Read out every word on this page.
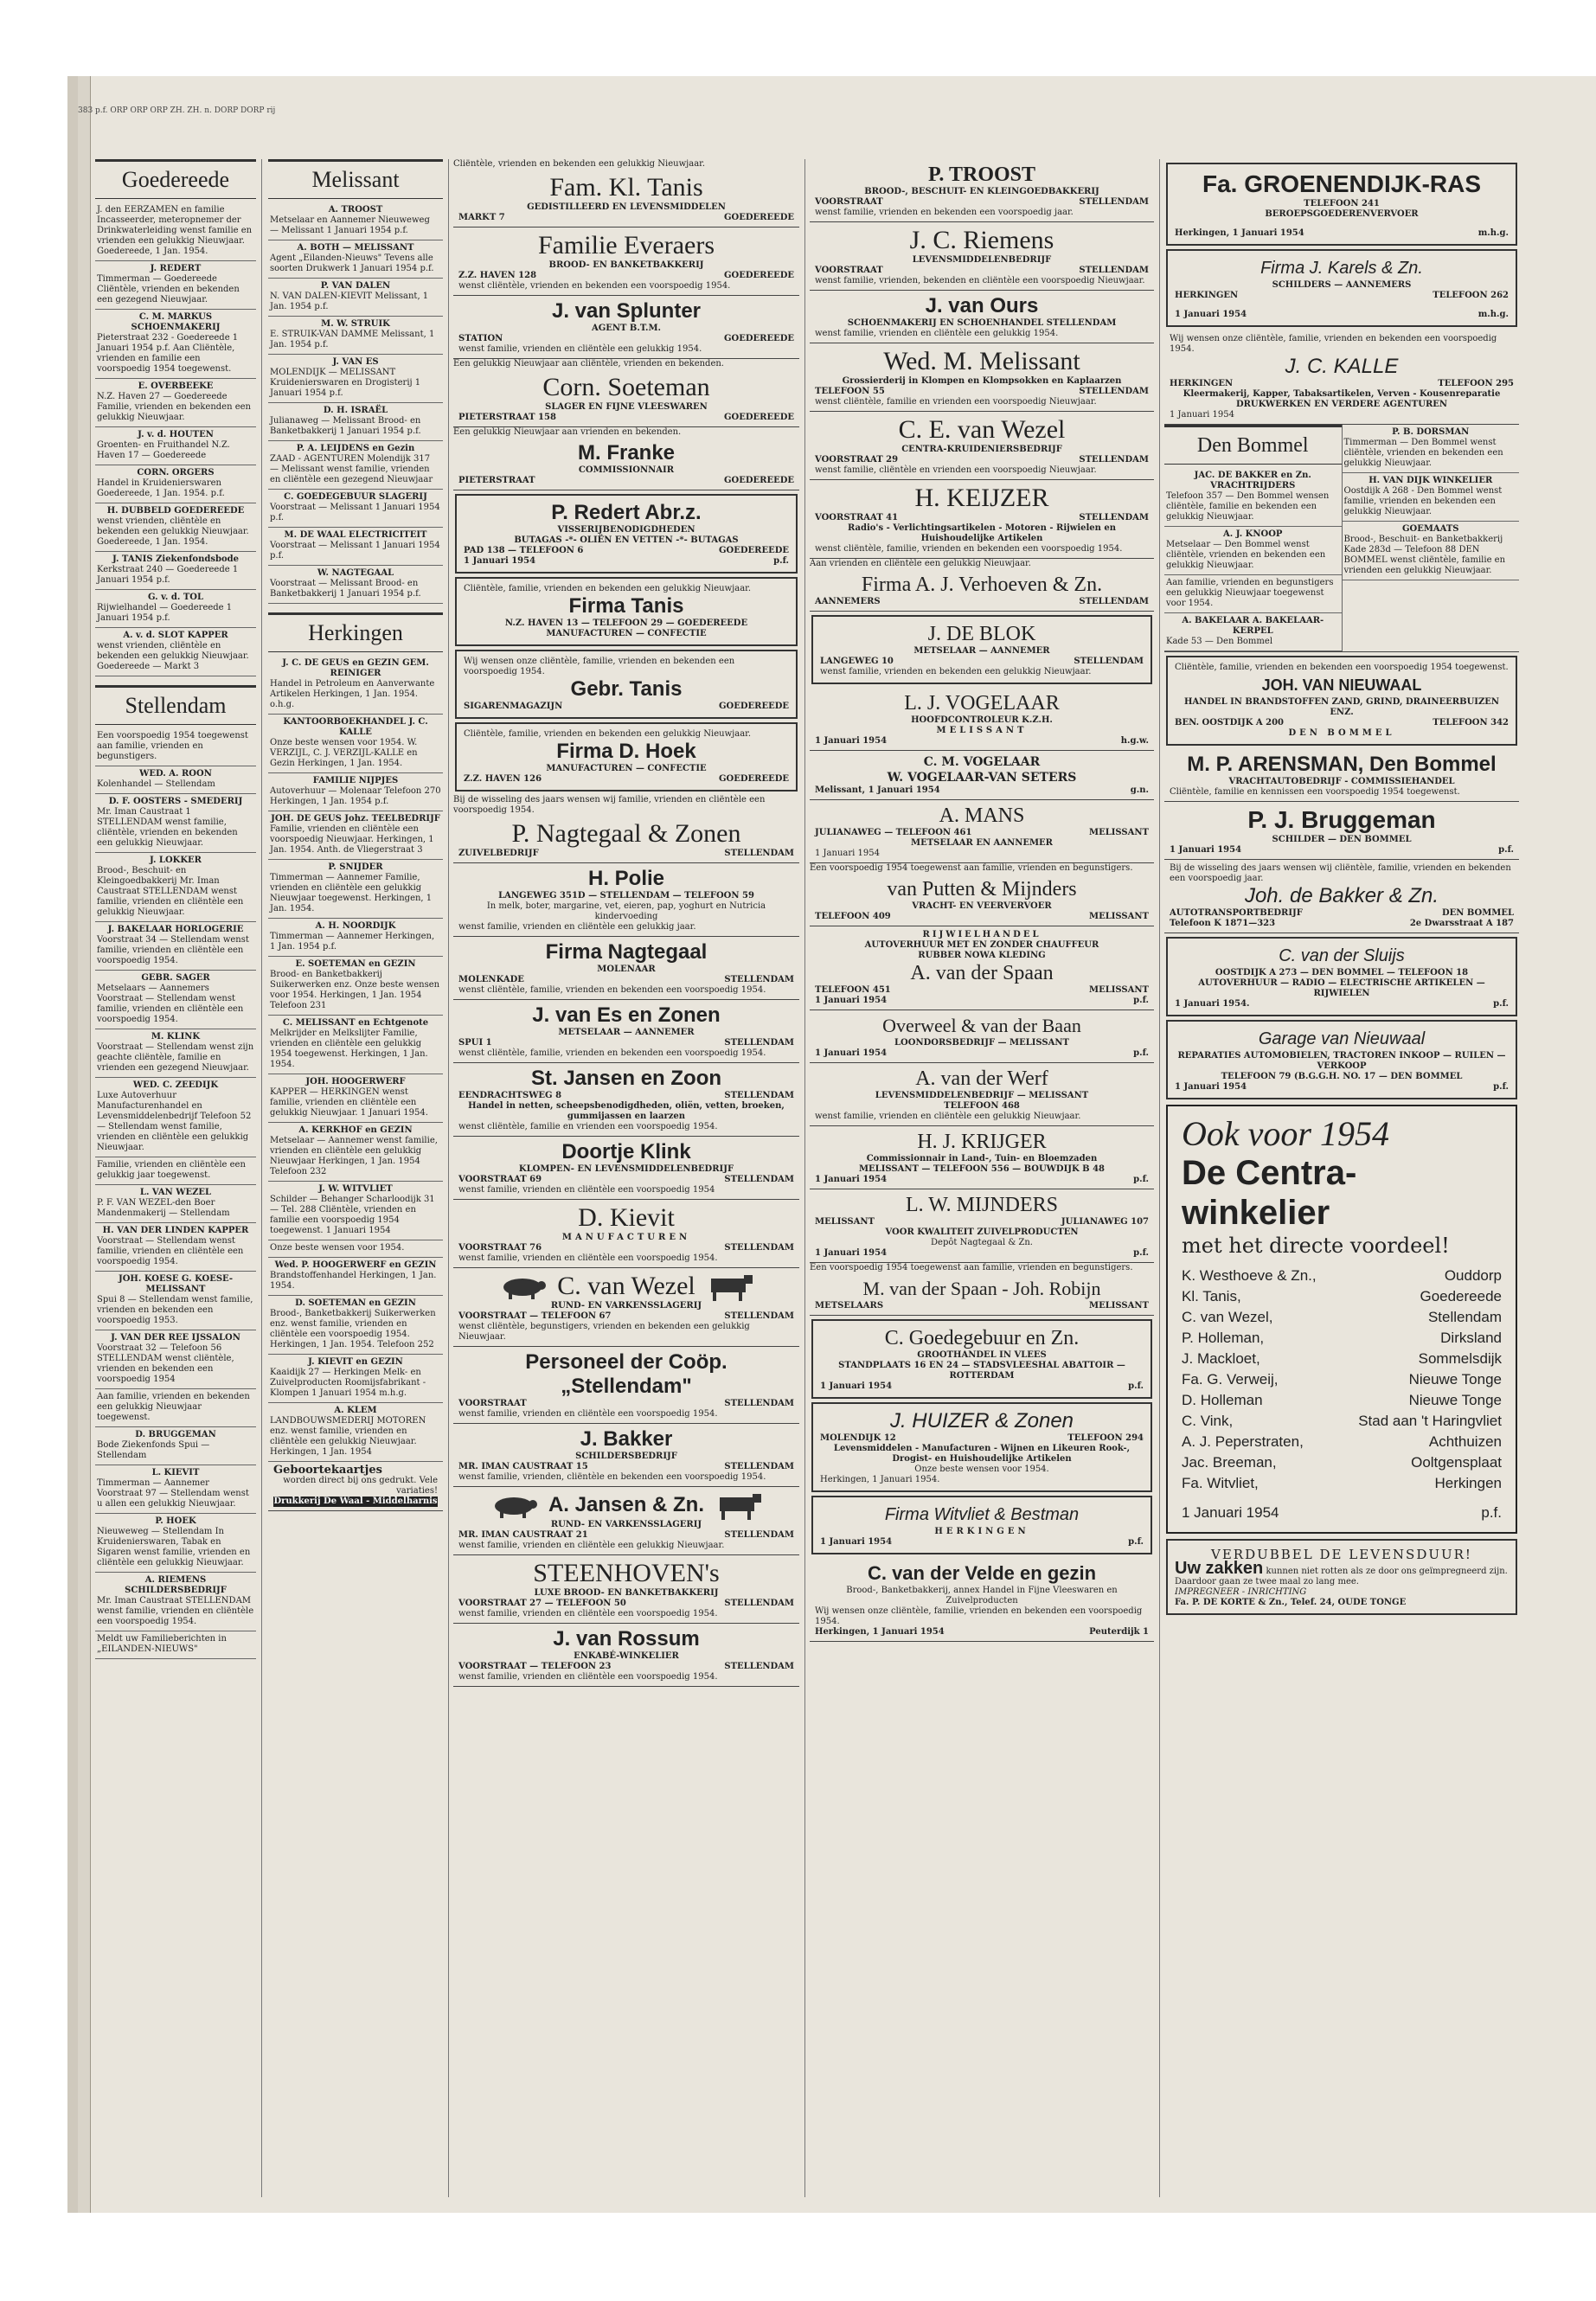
383 p.f. ORP ORP ORP ZH. ZH. n. DORP DORP rij
Goedereede
J. den EERZAMEN en familie Incasseerder, meteropnemer der Drinkwaterleiding wenst familie en vrienden een gelukkig Nieuwjaar. Goedereede, 1 Jan. 1954.
J. REDERT
Timmerman — Goedereede Cliëntèle, vrienden en bekenden een gezegend Nieuwjaar.
C. M. MARKUS SCHOENMAKERIJ
Pieterstraat 232 - Goedereede 1 Januari 1954 p.f. Aan Cliëntèle, vrienden en familie een voorspoedig 1954 toegewenst.
E. OVERBEEKE
N.Z. Haven 27 — Goedereede Familie, vrienden en bekenden een gelukkig Nieuwjaar.
J. v. d. HOUTEN
Groenten- en Fruithandel N.Z. Haven 17 — Goedereede
CORN. ORGERS
Handel in Kruidenierswaren Goedereede, 1 Jan. 1954. p.f.
H. DUBBELD GOEDEREEDE
wenst vrienden, cliëntèle en bekenden een gelukkig Nieuwjaar. Goedereede, 1 Jan. 1954.
J. TANIS Ziekenfondsbode
Kerkstraat 240 — Goedereede 1 Januari 1954 p.f.
G. v. d. TOL
Rijwielhandel — Goedereede 1 Januari 1954 p.f.
A. v. d. SLOT KAPPER
wenst vrienden, cliëntèle en bekenden een gelukkig Nieuwjaar. Goedereede — Markt 3
Stellendam
Een voorspoedig 1954 toegewenst aan familie, vrienden en begunstigers.
WED. A. ROON
Kolenhandel — Stellendam
D. F. OOSTERS - SMEDERIJ
Mr. Iman Caustraat 1 STELLENDAM wenst familie, cliëntèle, vrienden en bekenden een gelukkig Nieuwjaar.
J. LOKKER
Brood-, Beschuit- en Kleingoedbakkerij Mr. Iman Caustraat STELLENDAM wenst familie, vrienden en cliëntèle een gelukkig Nieuwjaar.
J. BAKELAAR HORLOGERIE
Voorstraat 34 — Stellendam wenst familie, vrienden en cliëntèle een voorspoedig 1954.
GEBR. SAGER
Metselaars — Aannemers Voorstraat — Stellendam wenst familie, vrienden en cliëntèle een voorspoedig 1954.
M. KLINK
Voorstraat — Stellendam wenst zijn geachte cliëntèle, familie en vrienden een gezegend Nieuwjaar.
WED. C. ZEEDIJK
Luxe Autoverhuur Manufacturenhandel en Levensmiddelenbedrijf Telefoon 52 — Stellendam wenst familie, vrienden en cliëntèle een gelukkig Nieuwjaar.
Familie, vrienden en cliëntèle een gelukkig jaar toegewenst.
L. VAN WEZEL
P. F. VAN WEZEL-den Boer Mandenmakerij — Stellendam
H. VAN DER LINDEN KAPPER
Voorstraat — Stellendam wenst familie, vrienden en cliëntèle een voorspoedig 1954.
JOH. KOESE G. KOESE-MELISSANT
Spui 8 — Stellendam wenst familie, vrienden en bekenden een voorspoedig 1953.
J. VAN DER REE IJSSALON
Voorstraat 32 — Telefoon 56 STELLENDAM wenst cliëntèle, vrienden en bekenden een voorspoedig 1954
Aan familie, vrienden en bekenden een gelukkig Nieuwjaar toegewenst.
D. BRUGGEMAN
Bode Ziekenfonds Spui — Stellendam
L. KIEVIT
Timmerman — Aannemer Voorstraat 97 — Stellendam wenst u allen een gelukkig Nieuwjaar.
P. HOEK
Nieuweweg — Stellendam In Kruidenierswaren, Tabak en Sigaren wenst familie, vrienden en cliëntèle een gelukkig Nieuwjaar.
A. RIEMENS SCHILDERSBEDRIJF
Mr. Iman Caustraat STELLENDAM wenst familie, vrienden en cliëntèle een voorspoedig 1954.
Meldt uw Familieberichten in „EILANDEN-NIEUWS"
Melissant
A. TROOST
Metselaar en Aannemer Nieuweweg — Melissant 1 Januari 1954 p.f.
A. BOTH — MELISSANT
Agent „Eilanden-Nieuws" Tevens alle soorten Drukwerk 1 Januari 1954 p.f.
P. VAN DALEN
N. VAN DALEN-KIEVIT Melissant, 1 Jan. 1954 p.f.
M. W. STRUIK
E. STRUIK-VAN DAMME Melissant, 1 Jan. 1954 p.f.
J. VAN ES
MOLENDIJK — MELISSANT Kruidenierswaren en Drogisterij 1 Januari 1954 p.f.
D. H. ISRAËL
Julianaweg — Melissant Brood- en Banketbakkerij 1 Januari 1954 p.f.
P. A. LEIJDENS en Gezin
ZAAD - AGENTUREN Molendijk 317 — Melissant wenst familie, vrienden en cliëntèle een gezegend Nieuwjaar
C. GOEDEGEBUUR SLAGERIJ
Voorstraat — Melissant 1 Januari 1954 p.f.
M. DE WAAL ELECTRICITEIT
Voorstraat — Melissant 1 Januari 1954 p.f.
W. NAGTEGAAL
Voorstraat — Melissant Brood- en Banketbakkerij 1 Januari 1954 p.f.
Herkingen
J. C. DE GEUS en GEZIN GEM. REINIGER
Handel in Petroleum en Aanverwante Artikelen Herkingen, 1 Jan. 1954. o.h.g.
KANTOORBOEKHANDEL J. C. KALLE
Onze beste wensen voor 1954. W. VERZIJL, C. J. VERZIJL-KALLE en Gezin Herkingen, 1 Jan. 1954.
FAMILIE NIJPJES
Autoverhuur — Molenaar Telefoon 270 Herkingen, 1 Jan. 1954 p.f.
JOH. DE GEUS Johz. TEELBEDRIJF
Familie, vrienden en cliëntèle een voorspoedig Nieuwjaar. Herkingen, 1 Jan. 1954. Anth. de Vliegerstraat 3
P. SNIJDER
Timmerman — Aannemer Familie, vrienden en cliëntèle een gelukkig Nieuwjaar toegewenst. Herkingen, 1 Jan. 1954.
A. H. NOORDIJK
Timmerman — Aannemer Herkingen, 1 Jan. 1954 p.f.
E. SOETEMAN en GEZIN
Brood- en Banketbakkerij Suikerwerken enz. Onze beste wensen voor 1954. Herkingen, 1 Jan. 1954 Telefoon 231
C. MELISSANT en Echtgenote
Melkrijder en Melkslijter Familie, vrienden en cliëntèle een gelukkig 1954 toegewenst. Herkingen, 1 Jan. 1954.
JOH. HOOGERWERF
KAPPER — HERKINGEN wenst familie, vrienden en cliëntèle een gelukkig Nieuwjaar. 1 Januari 1954.
A. KERKHOF en GEZIN
Metselaar — Aannemer wenst familie, vrienden en cliëntèle een gelukkig Nieuwjaar Herkingen, 1 Jan. 1954 Telefoon 232
J. W. WITVLIET
Schilder — Behanger Scharloodijk 31 — Tel. 288 Cliëntèle, vrienden en familie een voorspoedig 1954 toegewenst. 1 Januari 1954
Onze beste wensen voor 1954.
Wed. P. HOOGERWERF en GEZIN
Brandstoffenhandel Herkingen, 1 Jan. 1954.
D. SOETEMAN en GEZIN
Brood-, Banketbakkerij Suikerwerken enz. wenst familie, vrienden en cliëntèle een voorspoedig 1954. Herkingen, 1 Jan. 1954. Telefoon 252
J. KIEVIT en GEZIN
Kaaidijk 27 — Herkingen Melk- en Zuivelproducten Roomijsfabrikant - Klompen 1 Januari 1954 m.h.g.
A. KLEM
LANDBOUWSMEDERIJ MOTOREN enz. wenst familie, vrienden en cliëntèle een gelukkig Nieuwjaar. Herkingen, 1 Jan. 1954
Geboortekaartjes
worden direct bij ons gedrukt. Vele variaties!
Drukkerij De Waal - Middelharnis
Cliëntèle, vrienden en bekenden een gelukkig Nieuwjaar.
Fam. Kl. Tanis
GEDISTILLEERD EN LEVENSMIDDELEN
MARKT 7	GOEDEREEDE
Familie Everaers
BROOD- EN BANKETBAKKERIJ
Z.Z. HAVEN 128	GOEDEREEDE
wenst cliëntèle, vrienden en bekenden een voorspoedig 1954.
J. van Splunter
AGENT B.T.M.
STATION	GOEDEREEDE
wenst familie, vrienden en cliëntèle een gelukkig 1954.
Een gelukkig Nieuwjaar aan cliëntèle, vrienden en bekenden.
Corn. Soeteman
SLAGER EN FIJNE VLEESWAREN
PIETERSTRAAT 158	GOEDEREEDE
Een gelukkig Nieuwjaar aan vrienden en bekenden.
M. Franke
COMMISSIONNAIR
PIETERSTRAAT	GOEDEREEDE
P. Redert Abr.z.
VISSERIJBENODIGDHEDEN
BUTAGAS -*- OLIËN EN VETTEN -*- BUTAGAS
PAD 138 — TELEFOON 6	GOEDEREEDE
1 Januari 1954	p.f.
Cliëntèle, familie, vrienden en bekenden een gelukkig Nieuwjaar.
Firma Tanis
N.Z. HAVEN 13 — TELEFOON 29 — GOEDEREEDE
MANUFACTUREN — CONFECTIE
Wij wensen onze cliëntèle, familie, vrienden en bekenden een voorspoedig 1954.
Gebr. Tanis
SIGARENMAGAZIJN	GOEDEREEDE
Cliëntèle, familie, vrienden en bekenden een gelukkig Nieuwjaar.
Firma D. Hoek
MANUFACTUREN — CONFECTIE
Z.Z. HAVEN 126	GOEDEREEDE
Bij de wisseling des jaars wensen wij familie, vrienden en cliëntèle een voorspoedig 1954.
P. Nagtegaal & Zonen
ZUIVELBEDRIJF	STELLENDAM
H. Polie
LANGEWEG 351D — STELLENDAM — TELEFOON 59
In melk, boter, margarine, vet, eieren, pap, yoghurt en Nutricia kindervoeding
wenst familie, vrienden en cliëntèle een gelukkig jaar.
Firma Nagtegaal
MOLENAAR
MOLENKADE	STELLENDAM
wenst cliëntèle, familie, vrienden en bekenden een voorspoedig 1954.
J. van Es en Zonen
METSELAAR — AANNEMER
SPUI 1	STELLENDAM
wenst cliëntèle, familie, vrienden en bekenden een voorspoedig 1954.
St. Jansen en Zoon
EENDRACHTSWEG 8	STELLENDAM
Handel in netten, scheepsbenodigdheden, oliën, vetten, broeken, gummijassen en laarzen
wenst cliëntèle, familie en vrienden een voorspoedig 1954.
Doortje Klink
KLOMPEN- EN LEVENSMIDDELENBEDRIJF
VOORSTRAAT 69	STELLENDAM
wenst familie, vrienden en cliëntèle een voorspoedig 1954
D. Kievit
MANUFACTUREN
VOORSTRAAT 76	STELLENDAM
wenst familie, vrienden en cliëntèle een voorspoedig 1954.
C. van Wezel
RUND- EN VARKENSSLAGERIJ
VOORSTRAAT — TELEFOON 67	STELLENDAM
wenst cliëntèle, begunstigers, vrienden en bekenden een gelukkig Nieuwjaar.
Personeel der Coöp. „Stellendam"
VOORSTRAAT	STELLENDAM
wenst familie, vrienden en cliëntèle een voorspoedig 1954.
J. Bakker
SCHILDERSBEDRIJF
MR. IMAN CAUSTRAAT 15	STELLENDAM
wenst familie, vrienden, cliëntèle en bekenden een voorspoedig 1954.
A. Jansen & Zn.
RUND- EN VARKENSSLAGERIJ
MR. IMAN CAUSTRAAT 21	STELLENDAM
wenst familie, vrienden en cliëntèle een gelukkig Nieuwjaar.
STEENHOVEN's
LUXE BROOD- EN BANKETBAKKERIJ
VOORSTRAAT 27 — TELEFOON 50	STELLENDAM
wenst familie, vrienden en cliëntèle een voorspoedig 1954.
J. van Rossum
ENKABÉ-WINKELIER
VOORSTRAAT — TELEFOON 23	STELLENDAM
wenst familie, vrienden en cliëntèle een voorspoedig 1954.
P. TROOST
BROOD-, BESCHUIT- EN KLEINGOEDBAKKERIJ
VOORSTRAAT	STELLENDAM
wenst familie, vrienden en bekenden een voorspoedig jaar.
J. C. Riemens
LEVENSMIDDELENBEDRIJF
VOORSTRAAT	STELLENDAM
wenst familie, vrienden, bekenden en cliëntèle een voorspoedig Nieuwjaar.
J. van Ours
SCHOENMAKERIJ EN SCHOENHANDEL STELLENDAM
wenst familie, vrienden en cliëntèle een gelukkig 1954.
Wed. M. Melissant
Grossierderij in Klompen en Klompsokken en Kaplaarzen
TELEFOON 55	STELLENDAM
wenst cliëntèle, familie en vrienden een voorspoedig Nieuwjaar.
C. E. van Wezel
CENTRA-KRUIDENIERSBEDRIJF
VOORSTRAAT 29	STELLENDAM
wenst familie, cliëntèle en vrienden een voorspoedig Nieuwjaar.
H. KEIJZER
VOORSTRAAT 41	STELLENDAM
Radio's - Verlichtingsartikelen - Motoren - Rijwielen en Huishoudelijke Artikelen
wenst cliëntèle, familie, vrienden en bekenden een voorspoedig 1954.
Aan vrienden en cliëntèle een gelukkig Nieuwjaar.
Firma A. J. Verhoeven & Zn.
AANNEMERS	STELLENDAM
J. DE BLOK
METSELAAR — AANNEMER
LANGEWEG 10	STELLENDAM
wenst familie, vrienden en bekenden een gelukkig Nieuwjaar.
L. J. VOGELAAR
HOOFDCONTROLEUR K.Z.H.
MELISSANT
1 Januari 1954	h.g.w.
C. M. VOGELAAR
W. VOGELAAR-VAN SETERS
Melissant, 1 Januari 1954	g.n.
A. MANS
JULIANAWEG — TELEFOON 461	MELISSANT
METSELAAR EN AANNEMER
1 Januari 1954
Een voorspoedig 1954 toegewenst aan familie, vrienden en begunstigers.
van Putten & Mijnders
VRACHT- EN VEERVERVOER
TELEFOON 409	MELISSANT
RIJWIELHANDEL
AUTOVERHUUR MET EN ZONDER CHAUFFEUR
RUBBER NOWA KLEDING
A. van der Spaan
TELEFOON 451	MELISSANT
1 Januari 1954	p.f.
Overweel & van der Baan
LOONDORSBEDRIJF — MELISSANT
1 Januari 1954	p.f.
A. van der Werf
LEVENSMIDDELENBEDRIJF — MELISSANT
TELEFOON 468
wenst familie, vrienden en cliëntèle een gelukkig Nieuwjaar.
H. J. KRIJGER
Commissionnair in Land-, Tuin- en Bloemzaden
MELISSANT — TELEFOON 556 — BOUWDIJK B 48
1 Januari 1954	p.f.
L. W. MIJNDERS
MELISSANT	JULIANAWEG 107
VOOR KWALITEIT ZUIVELPRODUCTEN
Depôt Nagtegaal & Zn.
1 Januari 1954	p.f.
Een voorspoedig 1954 toegewenst aan familie, vrienden en begunstigers.
M. van der Spaan - Joh. Robijn
METSELAARS	MELISSANT
C. Goedegebuur en Zn.
GROOTHANDEL IN VLEES
STANDPLAATS 16 EN 24 — STADSVLEESHAL ABATTOIR — ROTTERDAM
1 Januari 1954	p.f.
J. HUIZER & Zonen
MOLENDIJK 12	TELEFOON 294
Levensmiddelen - Manufacturen - Wijnen en Likeuren Rook-, Drogist- en Huishoudelijke Artikelen
Onze beste wensen voor 1954.
Herkingen, 1 Januari 1954.
Firma Witvliet & Bestman
HERKINGEN
1 Januari 1954	p.f.
C. van der Velde en gezin
Brood-, Banketbakkerij, annex Handel in Fijne Vleeswaren en Zuivelproducten
Wij wensen onze cliëntèle, familie, vrienden en bekenden een voorspoedig 1954.
Herkingen, 1 Januari 1954	Peuterdijk 1
Fa. GROENENDIJK-RAS
TELEFOON 241
BEROEPSGOEDERENVERVOER
Herkingen, 1 Januari 1954	m.h.g.
Firma J. Karels & Zn.
SCHILDERS — AANNEMERS
HERKINGEN	TELEFOON 262
1 Januari 1954	m.h.g.
Wij wensen onze cliëntèle, familie, vrienden en bekenden een voorspoedig 1954.
J. C. KALLE
HERKINGEN	TELEFOON 295
Kleermakerij, Kapper, Tabaksartikelen, Verven - Kousenreparatie
DRUKWERKEN EN VERDERE AGENTUREN
1 Januari 1954
Den Bommel
JAC. DE BAKKER en Zn. VRACHTRIJDERS
Telefoon 357 — Den Bommel wensen cliëntèle, familie en bekenden een gelukkig Nieuwjaar.
A. J. KNOOP
Metselaar — Den Bommel wenst cliëntèle, vrienden en bekenden een gelukkig Nieuwjaar.
Aan familie, vrienden en begunstigers een gelukkig Nieuwjaar toegewenst voor 1954.
A. BAKELAAR A. BAKELAAR-KERPEL
Kade 53 — Den Bommel
P. B. DORSMAN
Timmerman — Den Bommel wenst cliëntèle, vrienden en bekenden een gelukkig Nieuwjaar.
H. VAN DIJK WINKELIER
Oostdijk A 268 - Den Bommel wenst familie, vrienden en bekenden een gelukkig Nieuwjaar.
GOEMAATS
Brood-, Beschuit- en Banketbakkerij Kade 283d — Telefoon 88 DEN BOMMEL wenst cliëntèle, familie en vrienden een gelukkig Nieuwjaar.
Cliëntèle, familie, vrienden en bekenden een voorspoedig 1954 toegewenst.
JOH. VAN NIEUWAAL
HANDEL IN BRANDSTOFFEN ZAND, GRIND, DRAINEERBUIZEN ENZ.
BEN. OOSTDIJK A 200	TELEFOON 342
DEN BOMMEL
M. P. ARENSMAN, Den Bommel
VRACHTAUTOBEDRIJF - COMMISSIEHANDEL
Cliëntèle, familie en kennissen een voorspoedig 1954 toegewenst.
P. J. Bruggeman
SCHILDER — DEN BOMMEL
1 Januari 1954	p.f.
Bij de wisseling des jaars wensen wij cliëntèle, familie, vrienden en bekenden een voorspoedig jaar.
Joh. de Bakker & Zn.
AUTOTRANSPORTBEDRIJF	DEN BOMMEL
Telefoon K 1871—323	2e Dwarsstraat A 187
C. van der Sluijs
OOSTDIJK A 273 — DEN BOMMEL — TELEFOON 18
AUTOVERHUUR — RADIO — ELECTRISCHE ARTIKELEN — RIJWIELEN
1 Januari 1954.	p.f.
Garage van Nieuwaal
REPARATIES AUTOMOBIELEN, TRACTOREN INKOOP — RUILEN — VERKOOP
TELEFOON 79 (B.G.G.H. NO. 17 — DEN BOMMEL
1 Januari 1954	p.f.
Ook voor 1954
De Centra-winkelier
met het directe voordeel!
K. Westhoeve & Zn.,	Ouddorp
Kl. Tanis,	Goedereede
C. van Wezel,	Stellendam
P. Holleman,	Dirksland
J. Mackloet,	Sommelsdijk
Fa. G. Verweij,	Nieuwe Tonge
D. Holleman	Nieuwe Tonge
C. Vink,	Stad aan 't Haringvliet
A. J. Peperstraten,	Achthuizen
Jac. Breeman,	Ooltgensplaat
Fa. Witvliet,	Herkingen
1 Januari 1954	p.f.
VERDUBBEL DE LEVENSDUUR!
Uw zakken kunnen niet rotten als ze door ons geïmpregneerd zijn. Daardoor gaan ze twee maal zo lang mee.
IMPREGNEER - INRICHTING
Fa. P. DE KORTE & Zn., Telef. 24, OUDE TONGE
